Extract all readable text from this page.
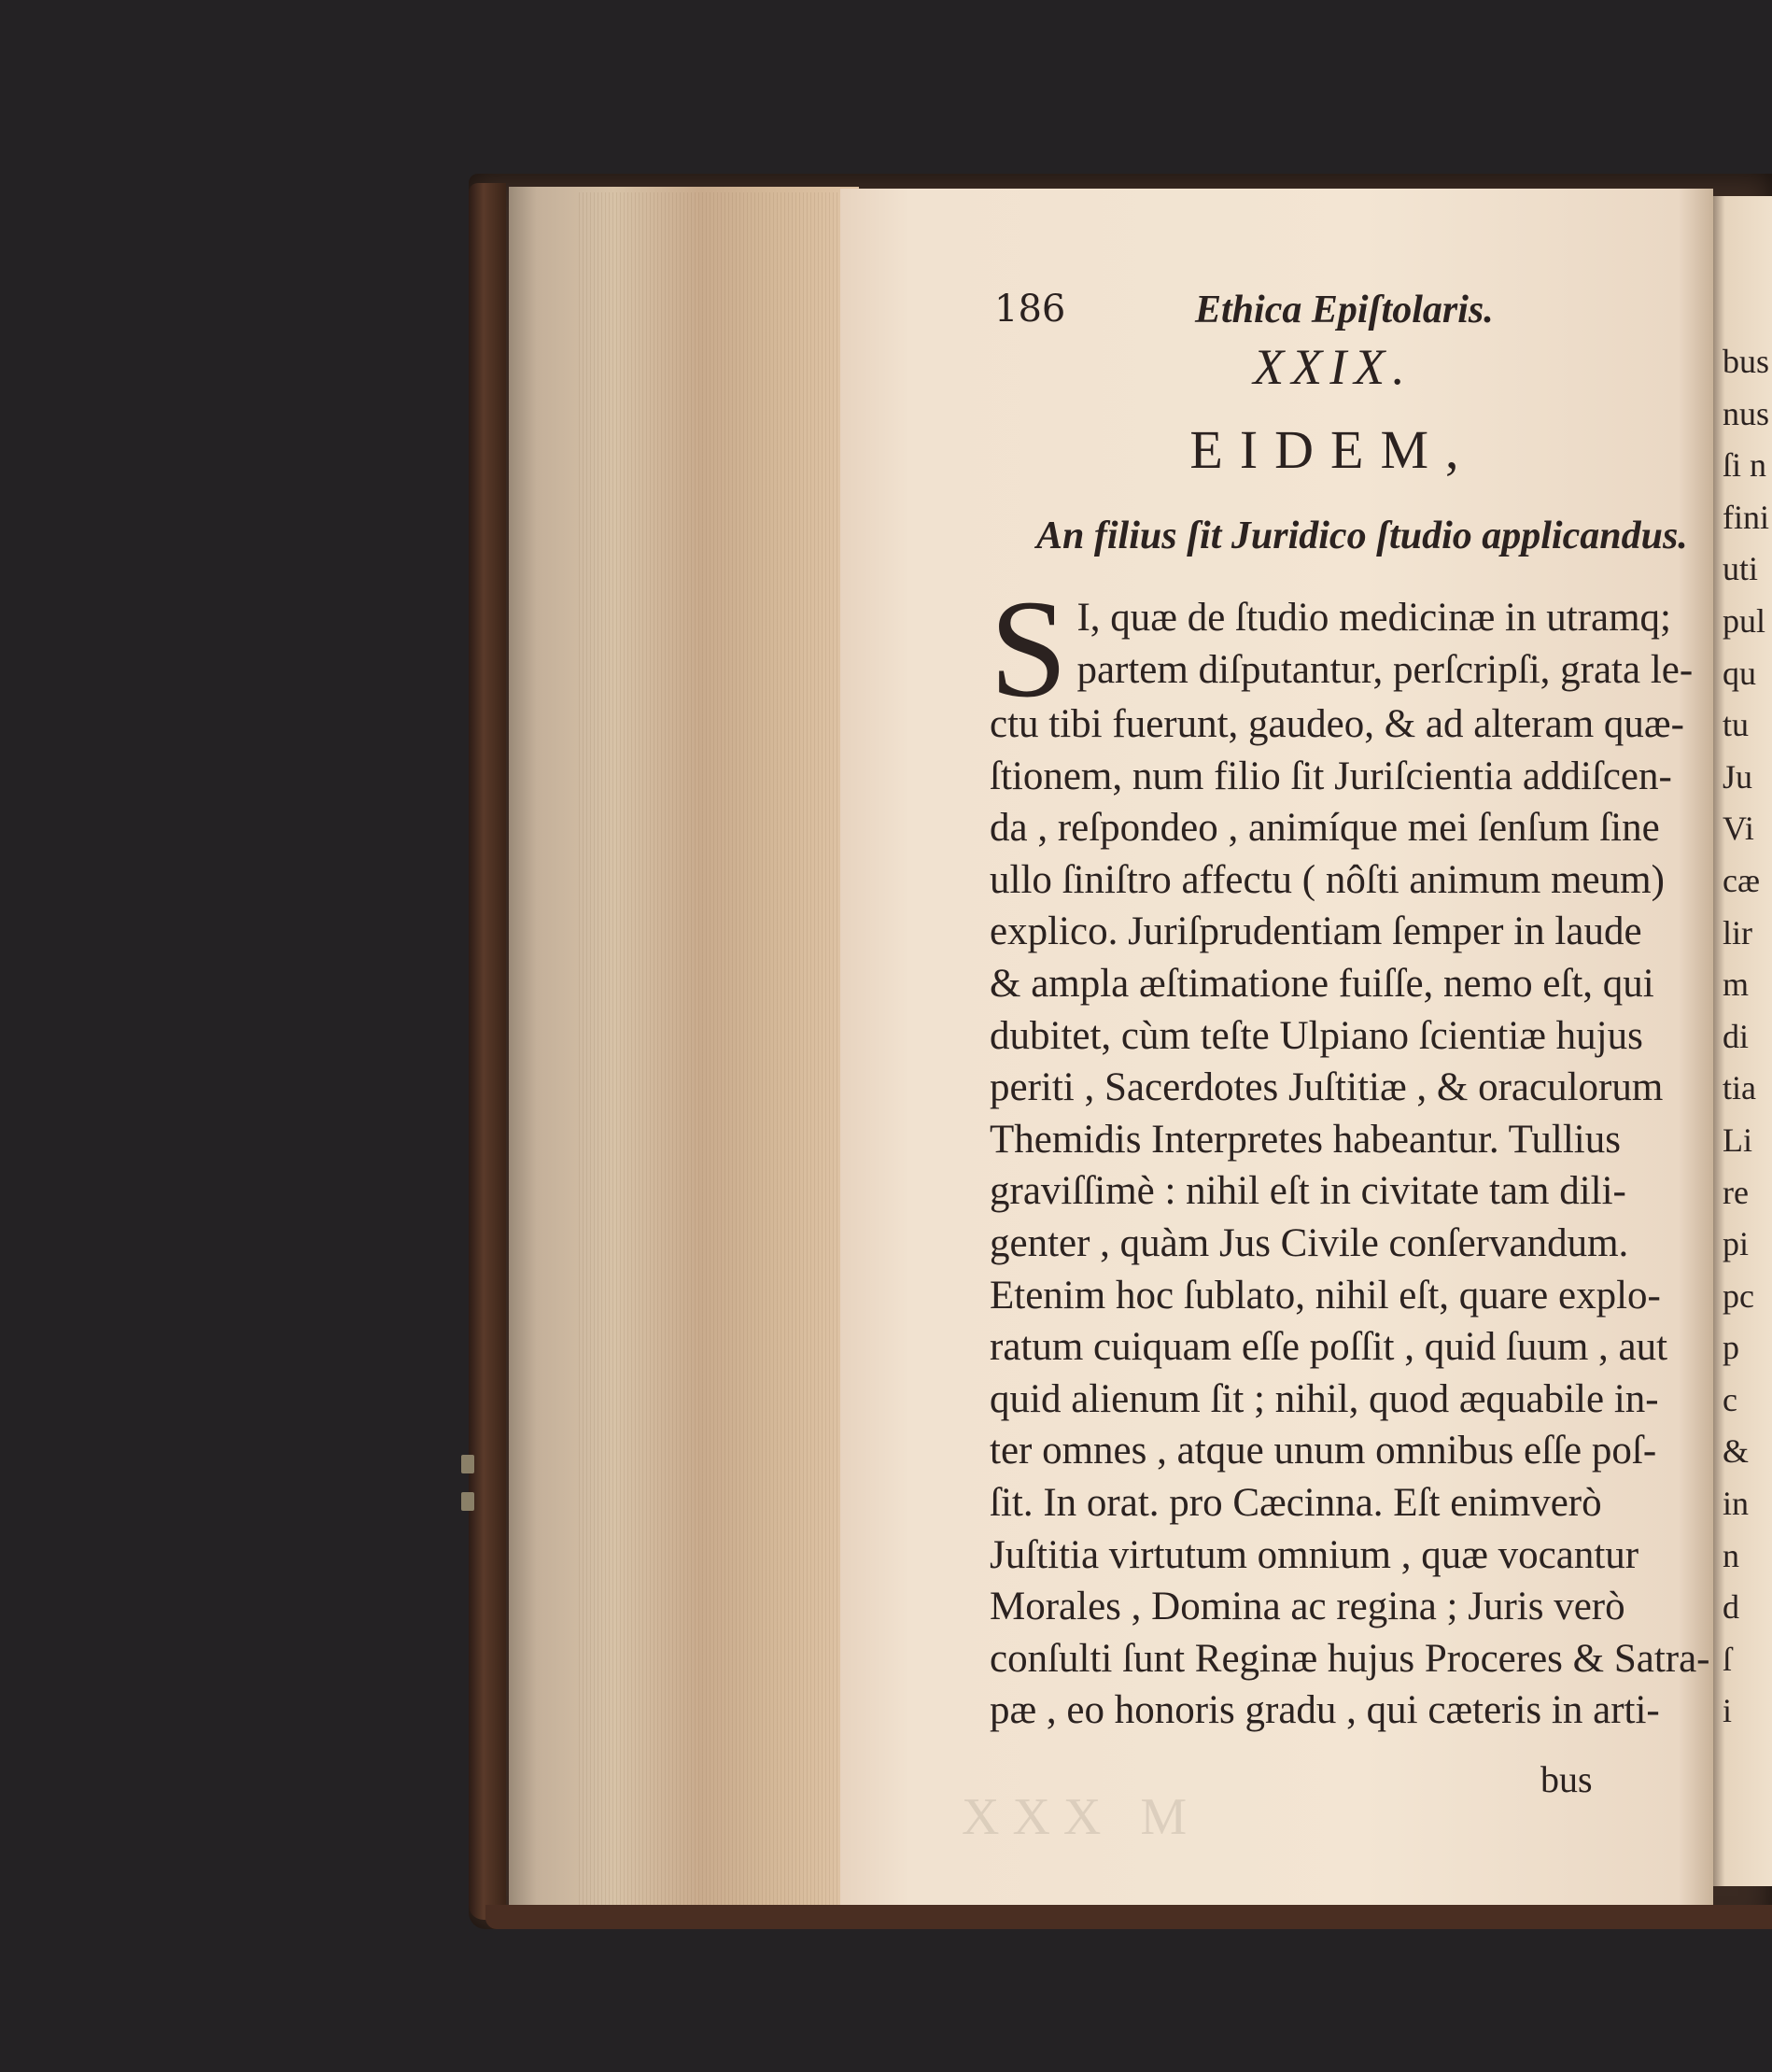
186	Ethica Epiſtolaris.
XXIX.
EIDEM,
An filius ſit Juridico ſtudio applicandus.
S I, quæ de ſtudio medicinæ in utramq;
partem diſputantur, perſcripſi, grata le-
ctu tibi fuerunt, gaudeo, & ad alteram quæ-
ſtionem, num filio ſit Juriſcientia addiſcen-
da , reſpondeo , animíque mei ſenſum ſine
ullo ſiniſtro affectu ( nôſti animum meum)
explico. Juriſprudentiam ſemper in laude
& ampla æſtimatione fuiſſe, nemo eſt, qui
dubitet, cùm teſte Ulpiano ſcientiæ hujus
periti , Sacerdotes Juſtitiæ , & oraculorum
Themidis Interpretes habeantur. Tullius
graviſſimè : nihil eſt in civitate tam dili-
genter , quàm Jus Civile conſervandum.
Etenim hoc ſublato, nihil eſt, quare explo-
ratum cuiquam eſſe poſſit , quid ſuum , aut
quid alienum ſit ; nihil, quod æquabile in-
ter omnes , atque unum omnibus eſſe poſ-
ſit. In orat. pro Cæcinna. Eſt enimverò
Juſtitia virtutum omnium , quæ vocantur
Morales , Domina ac regina ; Juris verò
conſulti ſunt Reginæ hujus Proceres & Satra-
pæ , eo honoris gradu , qui cæteris in arti-
bus
XXX M
bus
nus
ſi n
fini
uti
pul
qu
tu
Ju
Vi
cæ
lir
m
di
tia
Li
re
pi
pc
p
c
&
in
n
d
ſ
i
